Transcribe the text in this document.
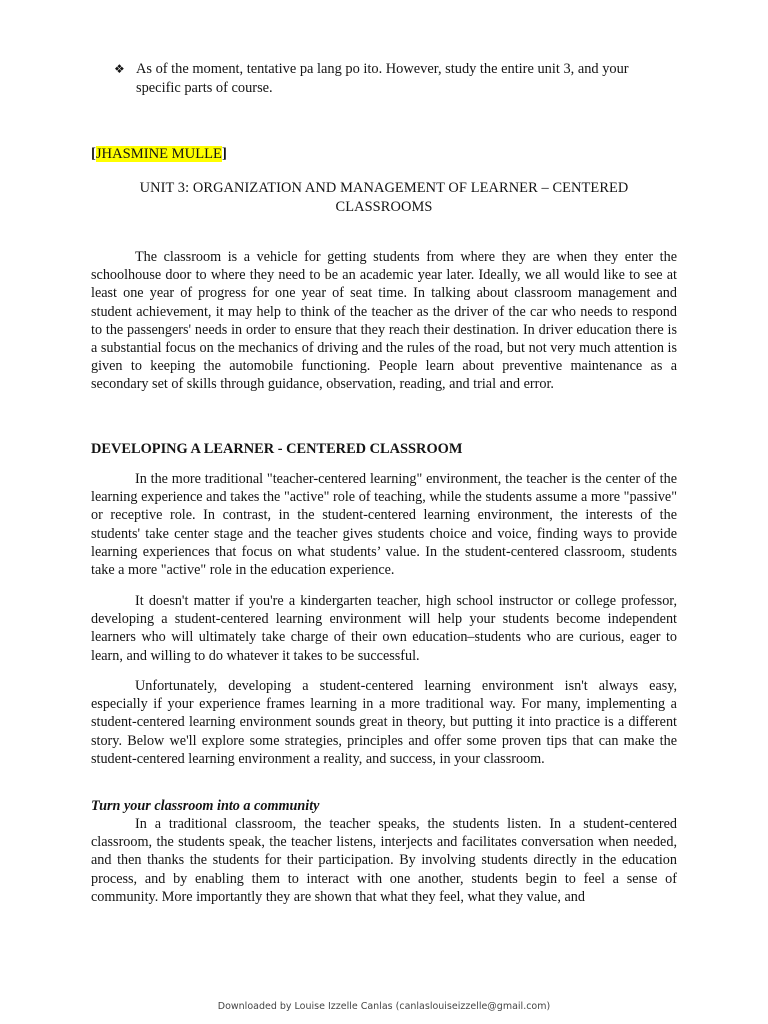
❖ As of the moment, tentative pa lang po ito. However, study the entire unit 3, and your specific parts of course.
[JHASMINE MULLE]
UNIT 3: ORGANIZATION AND MANAGEMENT OF LEARNER – CENTERED CLASSROOMS

The classroom is a vehicle for getting students from where they are when they enter the schoolhouse door to where they need to be an academic year later. Ideally, we all would like to see at least one year of progress for one year of seat time. In talking about classroom management and student achievement, it may help to think of the teacher as the driver of the car who needs to respond to the passengers' needs in order to ensure that they reach their destination. In driver education there is a substantial focus on the mechanics of driving and the rules of the road, but not very much attention is given to keeping the automobile functioning. People learn about preventive maintenance as a secondary set of skills through guidance, observation, reading, and trial and error.

DEVELOPING A LEARNER - CENTERED CLASSROOM

In the more traditional "teacher-centered learning" environment, the teacher is the center of the learning experience and takes the "active" role of teaching, while the students assume a more "passive" or receptive role. In contrast, in the student-centered learning environment, the interests of the students' take center stage and the teacher gives students choice and voice, finding ways to provide learning experiences that focus on what students’ value. In the student-centered classroom, students take a more "active" role in the education experience.

It doesn't matter if you're a kindergarten teacher, high school instructor or college professor, developing a student-centered learning environment will help your students become independent learners who will ultimately take charge of their own education–students who are curious, eager to learn, and willing to do whatever it takes to be successful.

Unfortunately, developing a student-centered learning environment isn't always easy, especially if your experience frames learning in a more traditional way. For many, implementing a student-centered learning environment sounds great in theory, but putting it into practice is a different story. Below we'll explore some strategies, principles and offer some proven tips that can make the student-centered learning environment a reality, and success, in your classroom.

Turn your classroom into a community

In a traditional classroom, the teacher speaks, the students listen. In a student-centered classroom, the students speak, the teacher listens, interjects and facilitates conversation when needed, and then thanks the students for their participation. By involving students directly in the education process, and by enabling them to interact with one another, students begin to feel a sense of community. More importantly they are shown that what they feel, what they value, and

Downloaded by Louise Izzelle Canlas (canlaslouiseizzelle@gmail.com)
